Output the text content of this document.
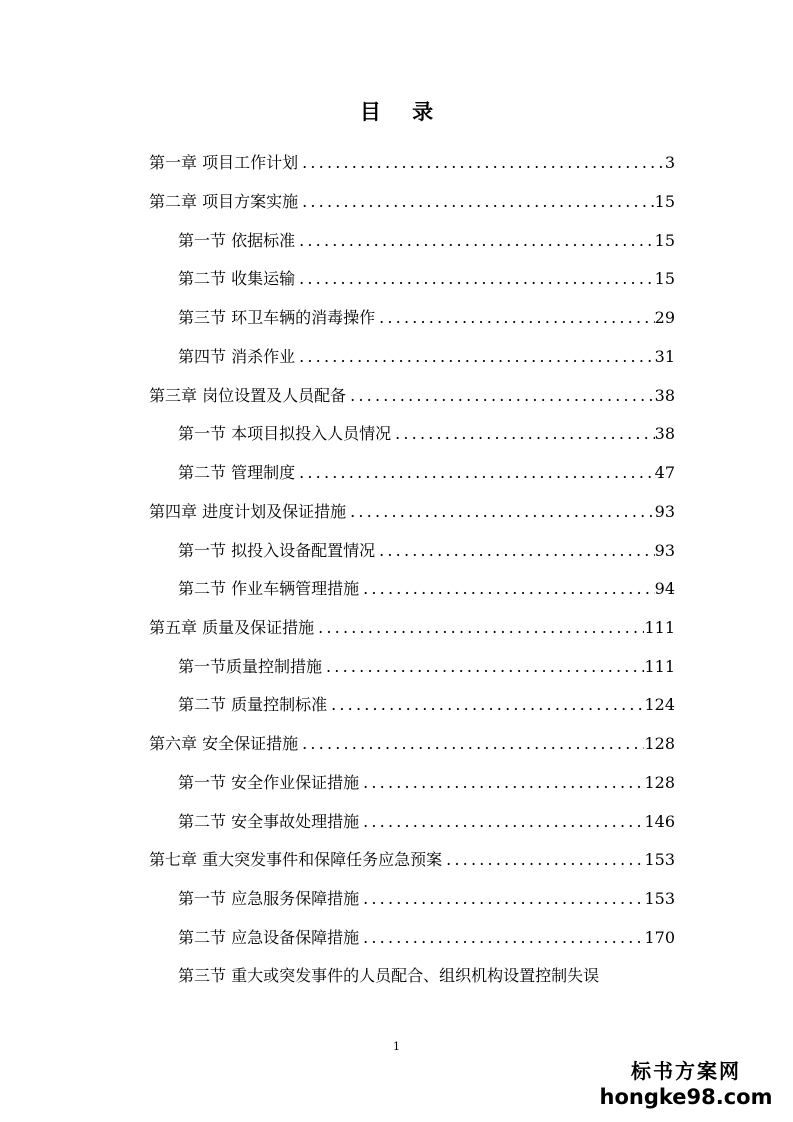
目 录
第一章 项目工作计划 .....	3
第二章 项目方案实施 .....	15
第一节 依据标准 .....	15
第二节 收集运输 .....	15
第三节 环卫车辆的消毒操作 .....	29
第四节 消杀作业 .....	31
第三章 岗位设置及人员配备 .....	38
第一节 本项目拟投入人员情况 .....	38
第二节 管理制度 .....	47
第四章 进度计划及保证措施 .....	93
第一节 拟投入设备配置情况 .....	93
第二节 作业车辆管理措施 .....	94
第五章 质量及保证措施 .....	111
第一节质量控制措施 .....	111
第二节 质量控制标准 .....	124
第六章 安全保证措施 .....	128
第一节 安全作业保证措施 .....	128
第二节 安全事故处理措施 .....	146
第七章 重大突发事件和保障任务应急预案 .....	153
第一节 应急服务保障措施 .....	153
第二节 应急设备保障措施 .....	170
第三节 重大或突发事件的人员配合、组织机构设置控制失误
1
标书方案网
hongke98.com
